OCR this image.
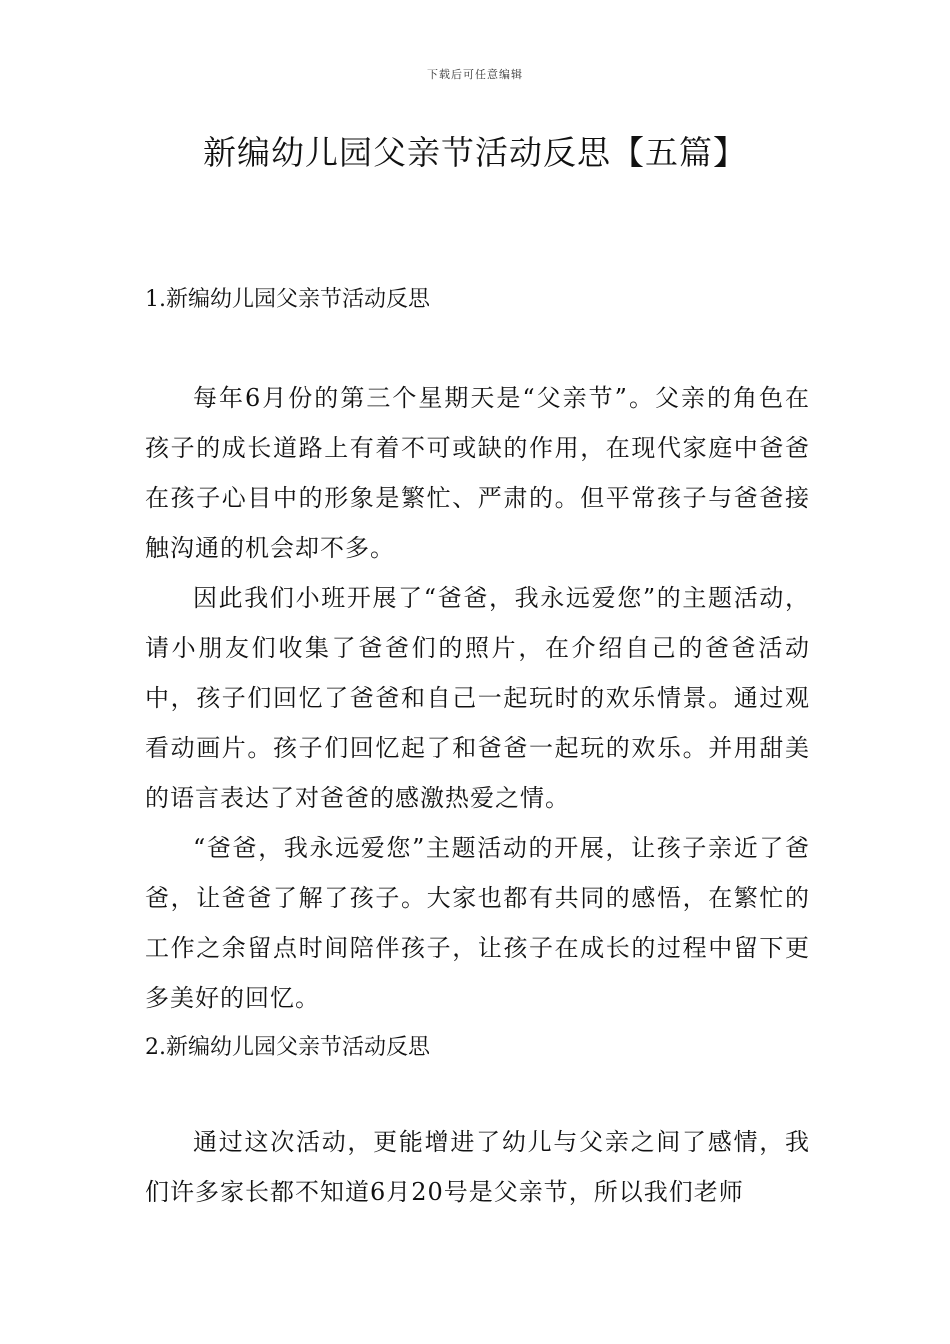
下载后可任意编辑
新编幼儿园父亲节活动反思【五篇】
1.新编幼儿园父亲节活动反思

每年6月份的第三个星期天是“父亲节”。父亲的角色在孩子的成长道路上有着不可或缺的作用，在现代家庭中爸爸在孩子心目中的形象是繁忙、严肃的。但平常孩子与爸爸接触沟通的机会却不多。

因此我们小班开展了“爸爸，我永远爱您”的主题活动，请小朋友们收集了爸爸们的照片，在介绍自己的爸爸活动中，孩子们回忆了爸爸和自己一起玩时的欢乐情景。通过观看动画片。孩子们回忆起了和爸爸一起玩的欢乐。并用甜美的语言表达了对爸爸的感激热爱之情。

“爸爸，我永远爱您”主题活动的开展，让孩子亲近了爸爸，让爸爸了解了孩子。大家也都有共同的感悟，在繁忙的工作之余留点时间陪伴孩子，让孩子在成长的过程中留下更多美好的回忆。

2.新编幼儿园父亲节活动反思

通过这次活动，更能增进了幼儿与父亲之间了感情，我们许多家长都不知道6月20号是父亲节，所以我们老师
